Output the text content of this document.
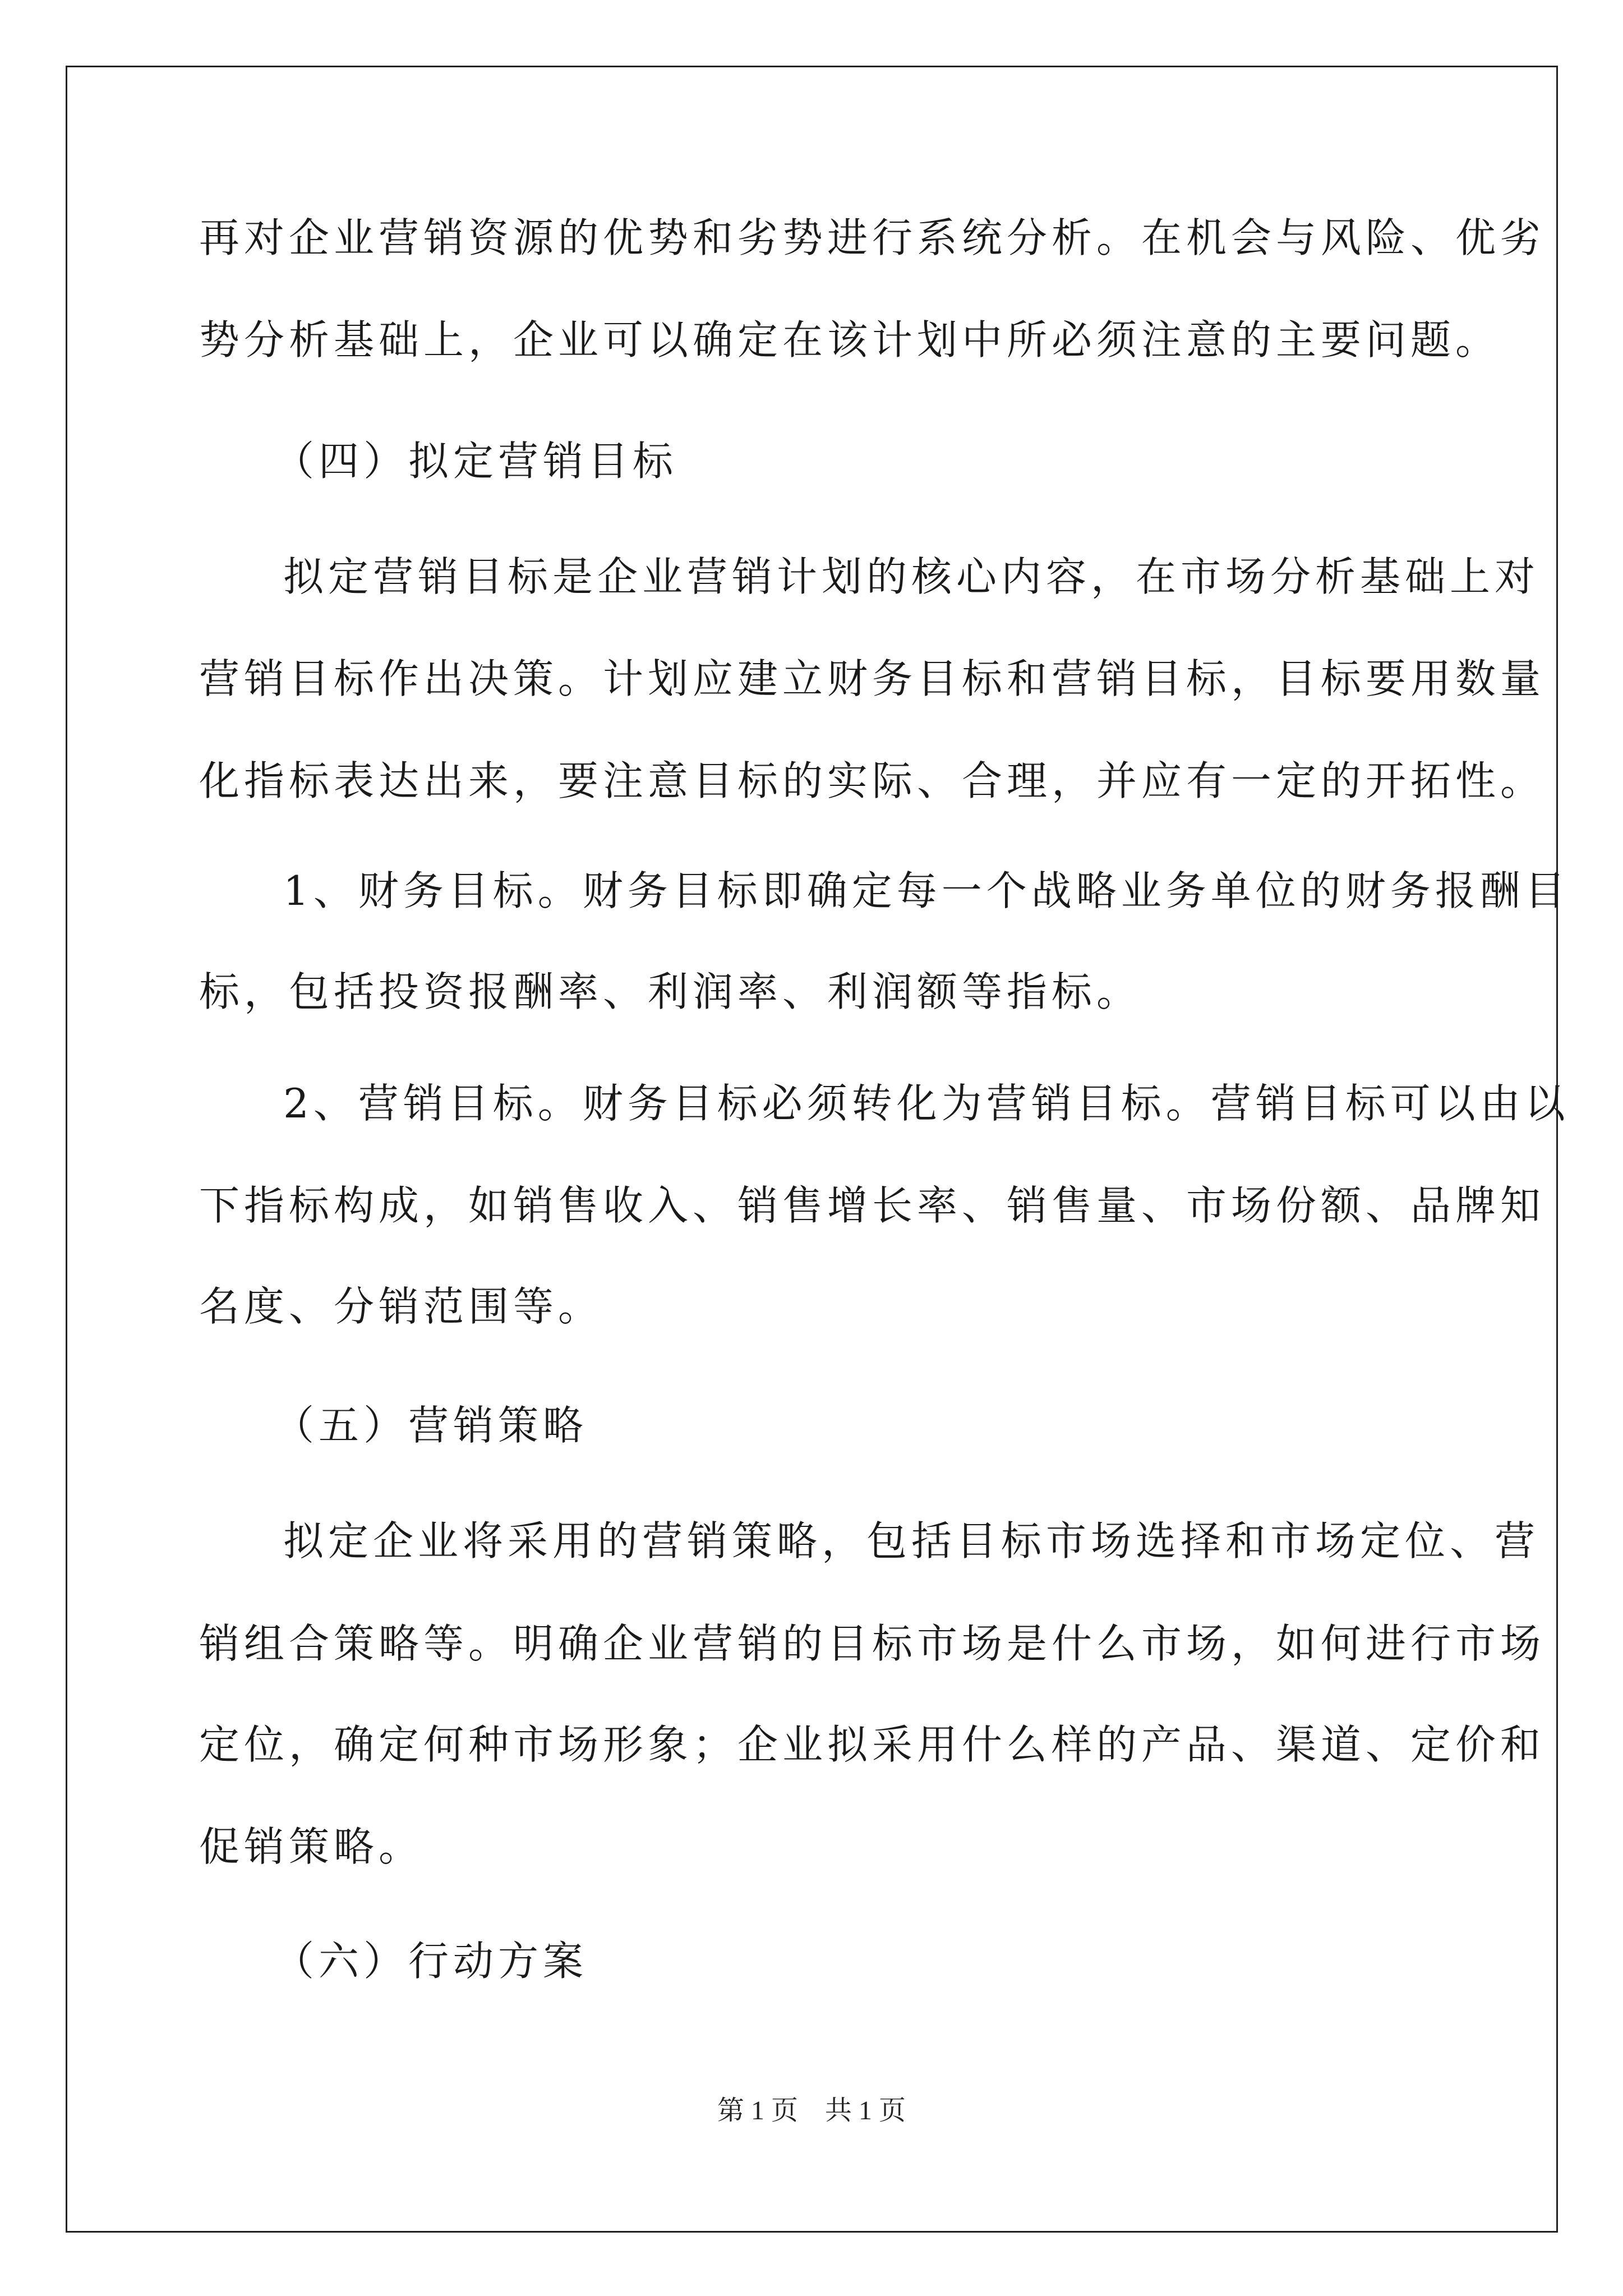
再对企业营销资源的优势和劣势进行系统分析。在机会与风险、优劣
势分析基础上，企业可以确定在该计划中所必须注意的主要问题。
（四）拟定营销目标
拟定营销目标是企业营销计划的核心内容，在市场分析基础上对
营销目标作出决策。计划应建立财务目标和营销目标，目标要用数量
化指标表达出来，要注意目标的实际、合理，并应有一定的开拓性。
1、财务目标。财务目标即确定每一个战略业务单位的财务报酬目
标，包括投资报酬率、利润率、利润额等指标。
2、营销目标。财务目标必须转化为营销目标。营销目标可以由以
下指标构成，如销售收入、销售增长率、销售量、市场份额、品牌知
名度、分销范围等。
（五）营销策略
拟定企业将采用的营销策略，包括目标市场选择和市场定位、营
销组合策略等。明确企业营销的目标市场是什么市场，如何进行市场
定位，确定何种市场形象；企业拟采用什么样的产品、渠道、定价和
促销策略。
（六）行动方案
第 1 页　共 1 页
